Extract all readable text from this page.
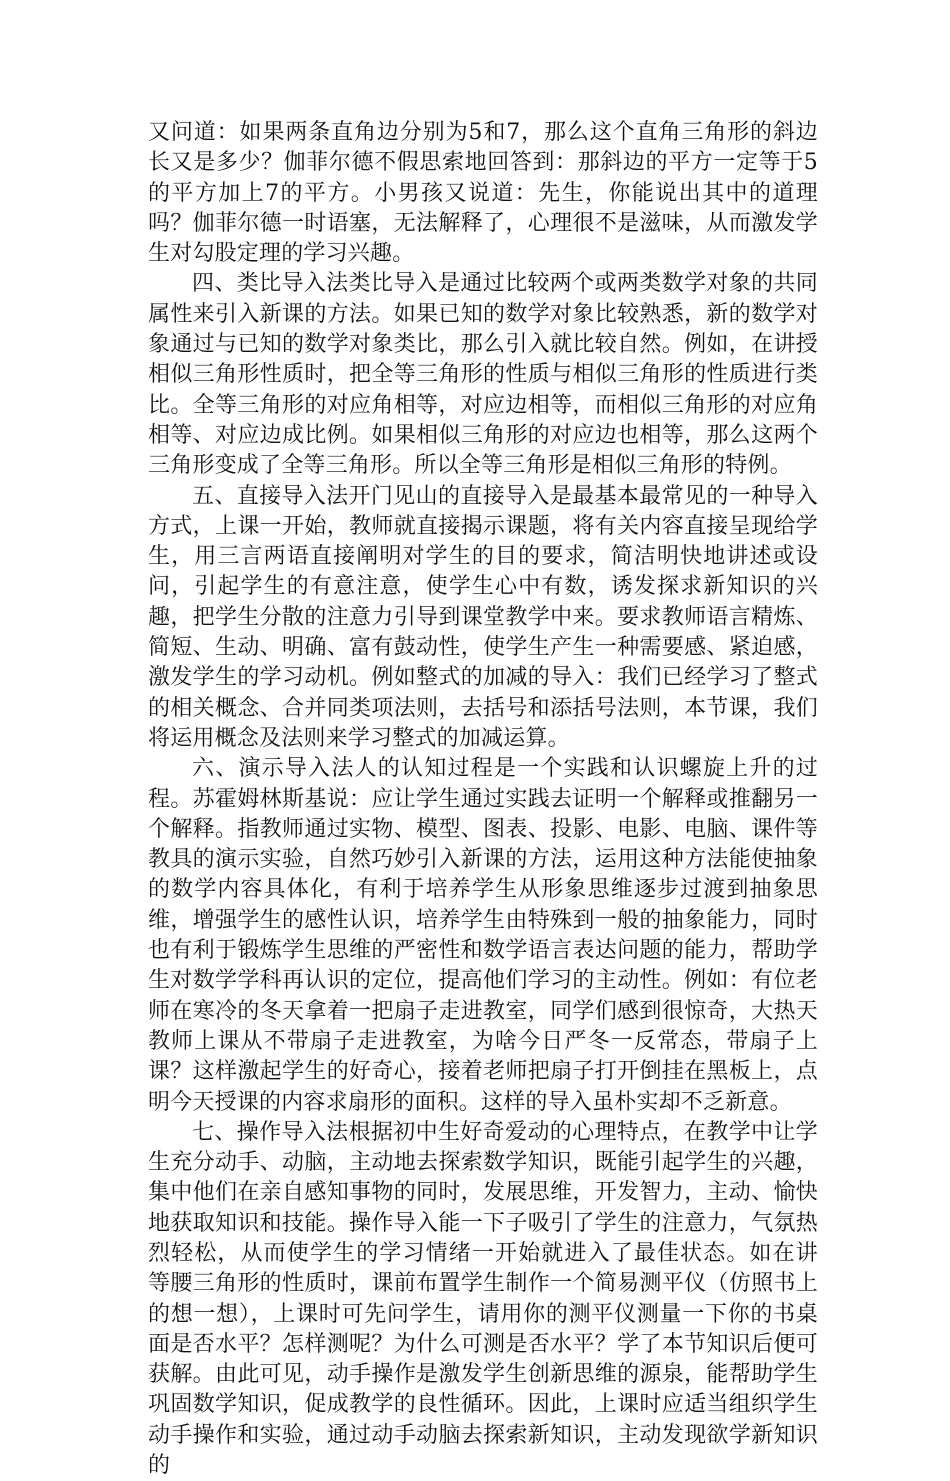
又问道：如果两条直角边分别为5和7，那么这个直角三角形的斜边长又是多少？伽菲尔德不假思索地回答到：那斜边的平方一定等于5的平方加上7的平方。小男孩又说道：先生，你能说出其中的道理吗？伽菲尔德一时语塞，无法解释了，心理很不是滋味，从而激发学生对勾股定理的学习兴趣。

四、类比导入法类比导入是通过比较两个或两类数学对象的共同属性来引入新课的方法。如果已知的数学对象比较熟悉，新的数学对象通过与已知的数学对象类比，那么引入就比较自然。例如，在讲授相似三角形性质时，把全等三角形的性质与相似三角形的性质进行类比。全等三角形的对应角相等，对应边相等，而相似三角形的对应角相等、对应边成比例。如果相似三角形的对应边也相等，那么这两个三角形变成了全等三角形。所以全等三角形是相似三角形的特例。

五、直接导入法开门见山的直接导入是最基本最常见的一种导入方式，上课一开始，教师就直接揭示课题，将有关内容直接呈现给学生，用三言两语直接阐明对学生的目的要求，简洁明快地讲述或设问，引起学生的有意注意，使学生心中有数，诱发探求新知识的兴趣，把学生分散的注意力引导到课堂教学中来。要求教师语言精炼、简短、生动、明确、富有鼓动性，使学生产生一种需要感、紧迫感，激发学生的学习动机。例如整式的加减的导入：我们已经学习了整式的相关概念、合并同类项法则，去括号和添括号法则，本节课，我们将运用概念及法则来学习整式的加减运算。

六、演示导入法人的认知过程是一个实践和认识螺旋上升的过程。苏霍姆林斯基说：应让学生通过实践去证明一个解释或推翻另一个解释。指教师通过实物、模型、图表、投影、电影、电脑、课件等教具的演示实验，自然巧妙引入新课的方法，运用这种方法能使抽象的数学内容具体化，有利于培养学生从形象思维逐步过渡到抽象思维，增强学生的感性认识，培养学生由特殊到一般的抽象能力，同时也有利于锻炼学生思维的严密性和数学语言表达问题的能力，帮助学生对数学学科再认识的定位，提高他们学习的主动性。例如：有位老师在寒冷的冬天拿着一把扇子走进教室，同学们感到很惊奇，大热天教师上课从不带扇子走进教室，为啥今日严冬一反常态，带扇子上课？这样激起学生的好奇心，接着老师把扇子打开倒挂在黑板上，点明今天授课的内容求扇形的面积。这样的导入虽朴实却不乏新意。

七、操作导入法根据初中生好奇爱动的心理特点，在教学中让学生充分动手、动脑，主动地去探索数学知识，既能引起学生的兴趣，集中他们在亲自感知事物的同时，发展思维，开发智力，主动、愉快地获取知识和技能。操作导入能一下子吸引了学生的注意力，气氛热烈轻松，从而使学生的学习情绪一开始就进入了最佳状态。如在讲 等腰三角形的性质时，课前布置学生制作一个简易测平仪（仿照书上的想一想），上课时可先问学生，请用你的测平仪测量一下你的书桌面是否水平？怎样测呢？为什么可测是否水平？学了本节知识后便可获解。由此可见，动手操作是激发学生创新思维的源泉，能帮助学生巩固数学知识，促成教学的良性循环。因此，上课时应适当组织学生动手操作和实验，通过动手动脑去探索新知识，主动发现欲学新知识的
